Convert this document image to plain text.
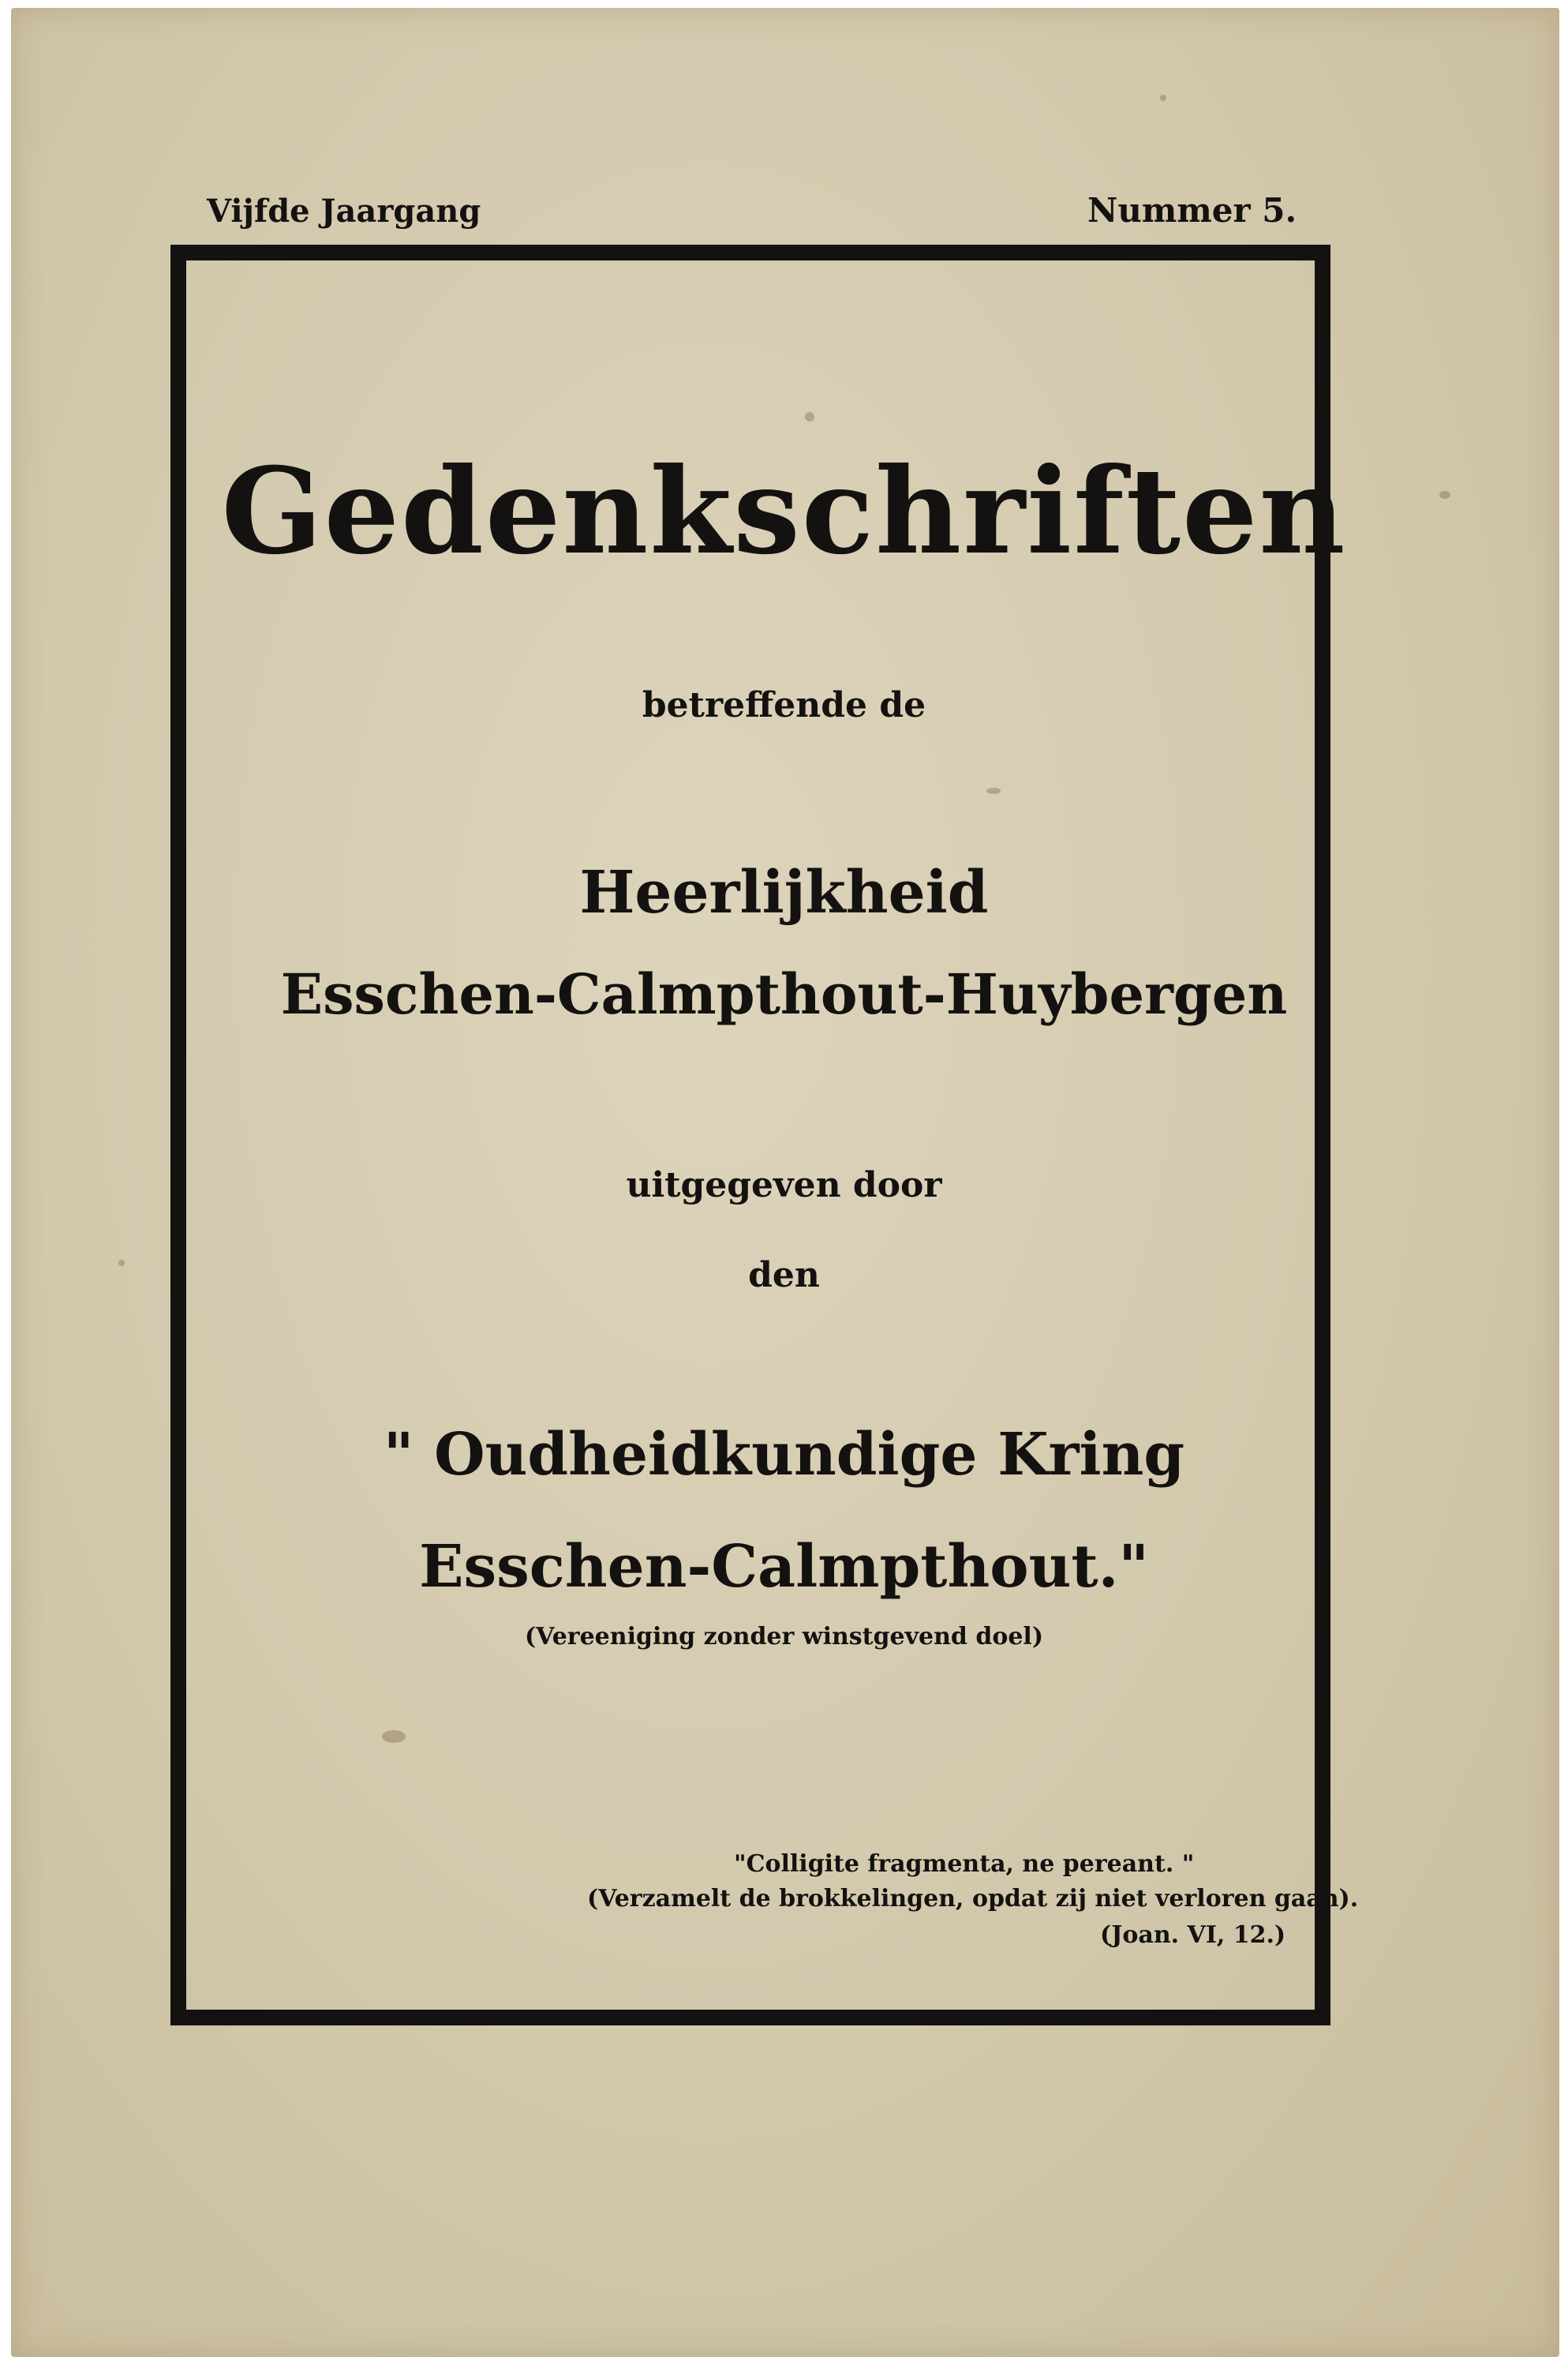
Vijfde Jaargang	Nummer 5.
Gedenkschriften
betreffende de
Heerlijkheid
Esschen-Calmpthout-Huybergen
uitgegeven door
den
" Oudheidkundige Kring
Esschen-Calmpthout."
(Vereeniging zonder winstgevend doel)
"Colligite fragmenta, ne pereant. "
(Verzamelt de brokkelingen, opdat zij niet verloren gaan).
(Joan. VI, 12.)
